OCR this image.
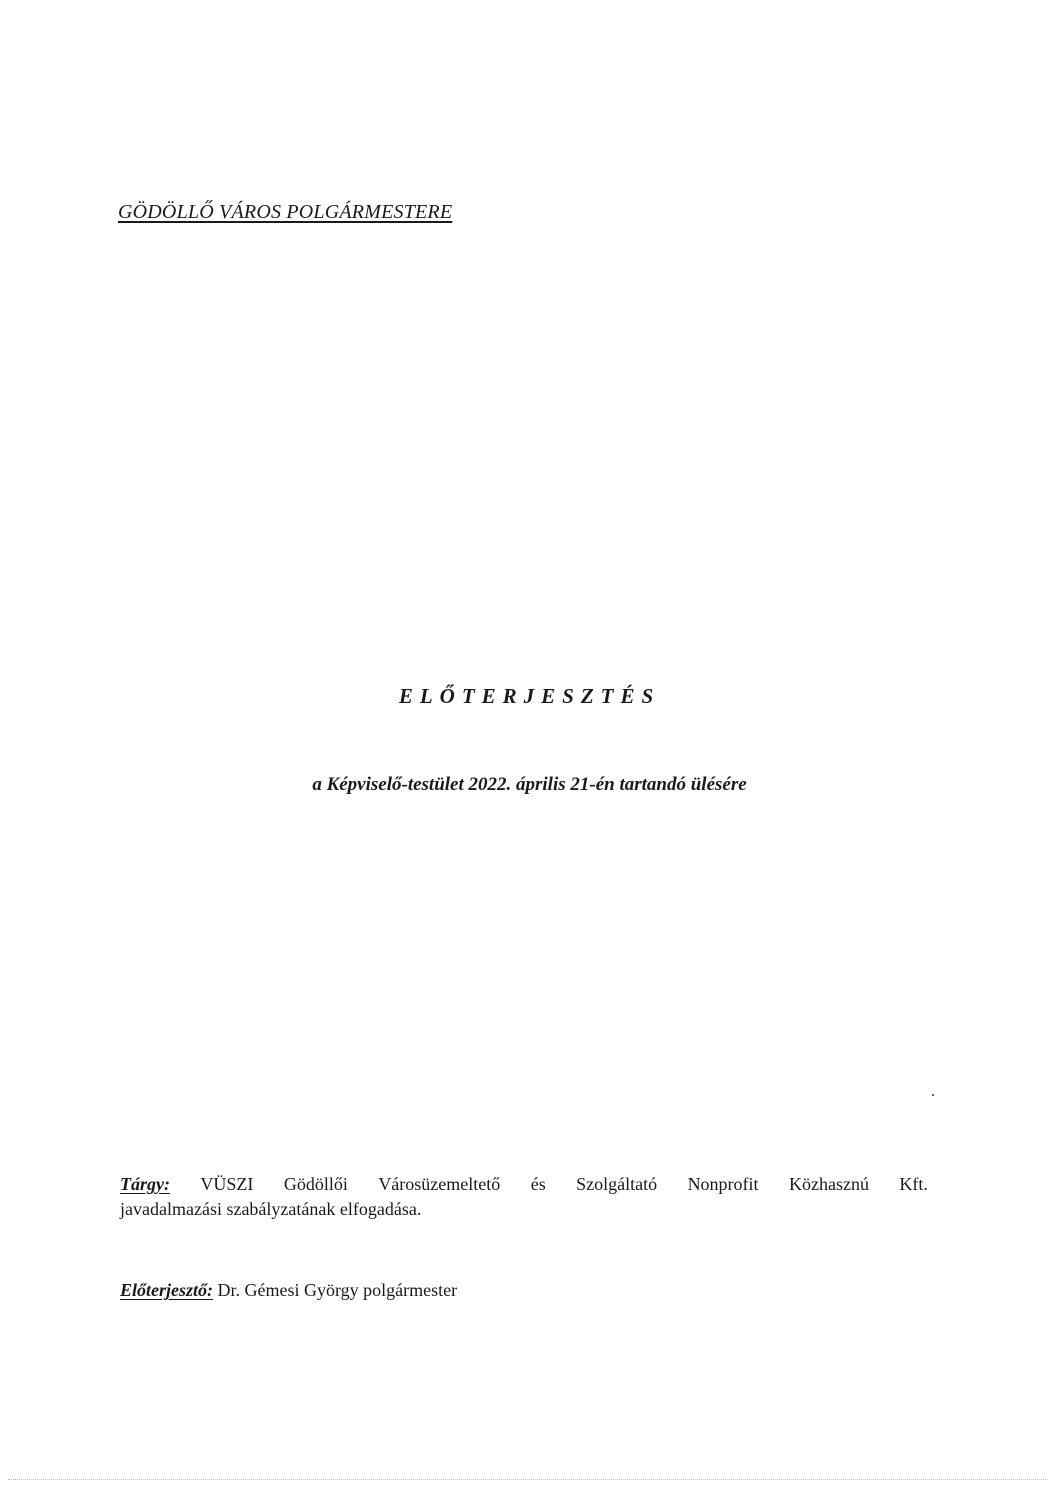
GÖDÖLLŐ VÁROS POLGÁRMESTERE
ELŐTERJESZTÉS
a Képviselő-testület 2022. április 21-én tartandó ülésére
Tárgy: VÜSZI Gödöllői Városüzemeltető és Szolgáltató Nonprofit Közhasznú Kft.
javadalmazási szabályzatának elfogadása.
Előterjesztő: Dr. Gémesi György polgármester
